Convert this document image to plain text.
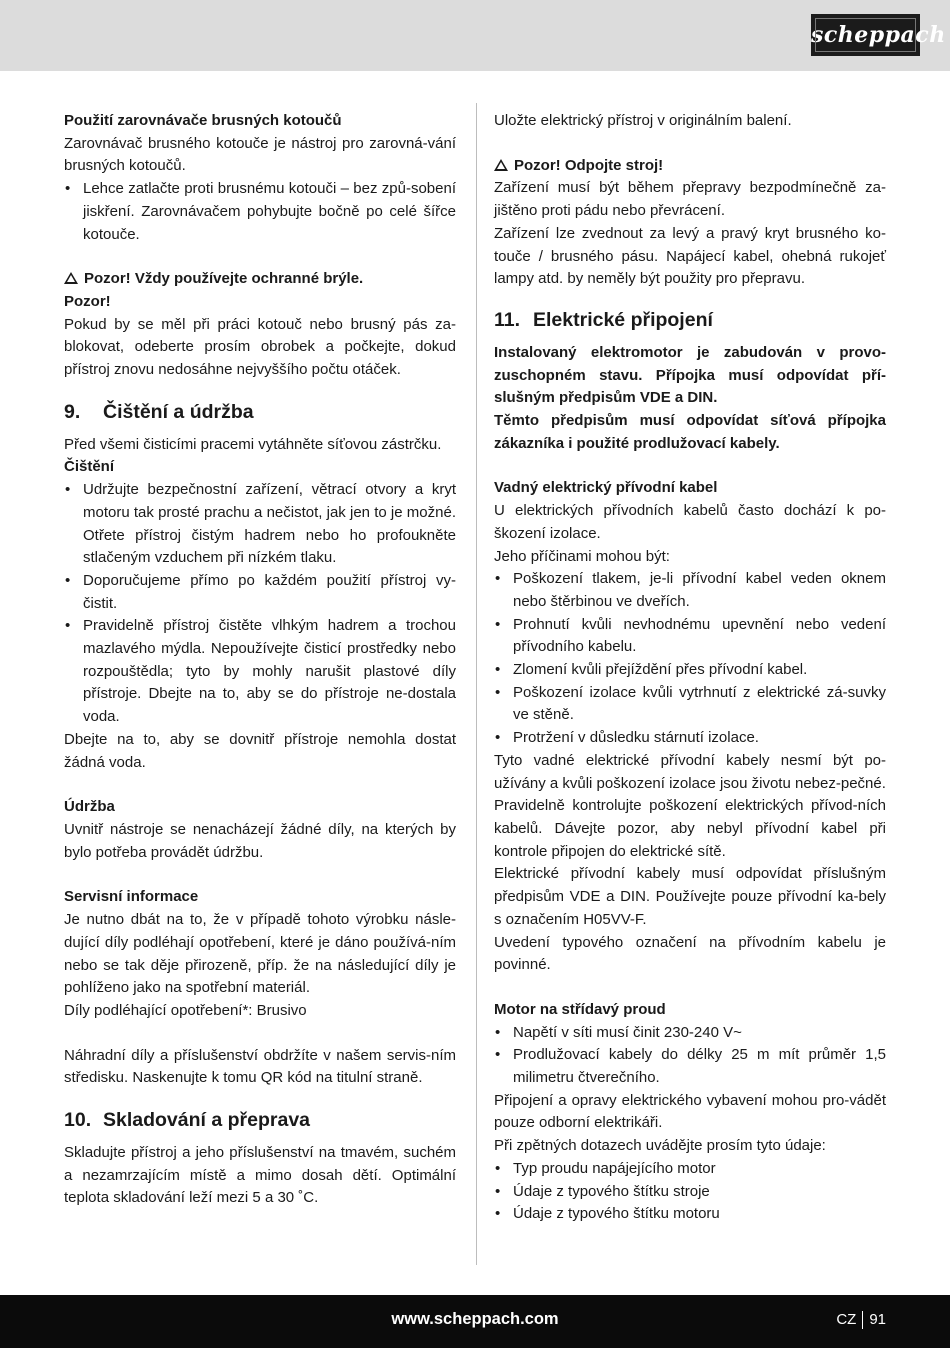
scheppach

Použití zarovnávače brusných kotoučů

Zarovnávač brusného kotouče je nástroj pro zarovná-vání brusných kotoučů.

• Lehce zatlačte proti brusnému kotouči – bez způ-sobení jiskření. Zarovnávačem pohybujte bočně po celé šířce kotouče.

Pozor! Vždy používejte ochranné brýle.

Pozor!

Pokud by se měl při práci kotouč nebo brusný pás za-blokovat, odeberte prosím obrobek a počkejte, dokud přístroj znovu nedosáhne nejvyššího počtu otáček.

9. Čištění a údržba

Před všemi čisticími pracemi vytáhněte síťovou zástrčku.

Čištění

• Udržujte bezpečnostní zařízení, větrací otvory a kryt motoru tak prosté prachu a nečistot, jak jen to je možné. Otřete přístroj čistým hadrem nebo ho profoukněte stlačeným vzduchem při nízkém tlaku.
• Doporučujeme přímo po každém použití přístroj vy-čistit.
• Pravidelně přístroj čistěte vlhkým hadrem a trochou mazlavého mýdla. Nepoužívejte čisticí prostředky nebo rozpouštědla; tyto by mohly narušit plastové díly přístroje. Dbejte na to, aby se do přístroje ne-dostala voda.

Dbejte na to, aby se dovnitř přístroje nemohla dostat žádná voda.

Údržba

Uvnitř nástroje se nenacházejí žádné díly, na kterých by bylo potřeba provádět údržbu.

Servisní informace

Je nutno dbát na to, že v případě tohoto výrobku násle-dující díly podléhají opotřebení, které je dáno používá-ním nebo se tak děje přirozeně, příp. že na následující díly je pohlíženo jako na spotřební materiál.

Díly podléhající opotřebení*: Brusivo

Náhradní díly a příslušenství obdržíte v našem servis-ním středisku. Naskenujte k tomu QR kód na titulní straně.

10. Skladování a přeprava

Skladujte přístroj a jeho příslušenství na tmavém, suchém a nezamrzajícím místě a mimo dosah dětí. Optimální teplota skladování leží mezi 5 a 30 ˚C.

Uložte elektrický přístroj v originálním balení.

Pozor! Odpojte stroj!

Zařízení musí být během přepravy bezpodmínečně za-jištěno proti pádu nebo převrácení.

Zařízení lze zvednout za levý a pravý kryt brusného ko-touče / brusného pásu. Napájecí kabel, ohebná rukojeť lampy atd. by neměly být použity pro přepravu.

11. Elektrické připojení

Instalovaný elektromotor je zabudován v provo-zuschopném stavu. Přípojka musí odpovídat pří-slušným předpisům VDE a DIN.

Těmto předpisům musí odpovídat síťová přípojka zákazníka i použité prodlužovací kabely.

Vadný elektrický přívodní kabel

U elektrických přívodních kabelů často dochází k po-škození izolace.

Jeho příčinami mohou být:

• Poškození tlakem, je-li přívodní kabel veden oknem nebo štěrbinou ve dveřích.
• Prohnutí kvůli nevhodnému upevnění nebo vedení přívodního kabelu.
• Zlomení kvůli přejíždění přes přívodní kabel.
• Poškození izolace kvůli vytrhnutí z elektrické zá-suvky ve stěně.
• Protržení v důsledku stárnutí izolace.

Tyto vadné elektrické přívodní kabely nesmí být po-užívány a kvůli poškození izolace jsou životu nebez-pečné.

Pravidelně kontrolujte poškození elektrických přívod-ních kabelů. Dávejte pozor, aby nebyl přívodní kabel při kontrole připojen do elektrické sítě.

Elektrické přívodní kabely musí odpovídat příslušným předpisům VDE a DIN. Používejte pouze přívodní ka-bely s označením H05VV-F.

Uvedení typového označení na přívodním kabelu je povinné.

Motor na střídavý proud

• Napětí v síti musí činit 230-240 V~
• Prodlužovací kabely do délky 25 m mít průměr 1,5 milimetru čtverečního.

Připojení a opravy elektrického vybavení mohou pro-vádět pouze odborní elektrikáři.

Při zpětných dotazech uvádějte prosím tyto údaje:

• Typ proudu napájejícího motor
• Údaje z typového štítku stroje
• Údaje z typového štítku motoru
www.scheppach.com	CZ 91
